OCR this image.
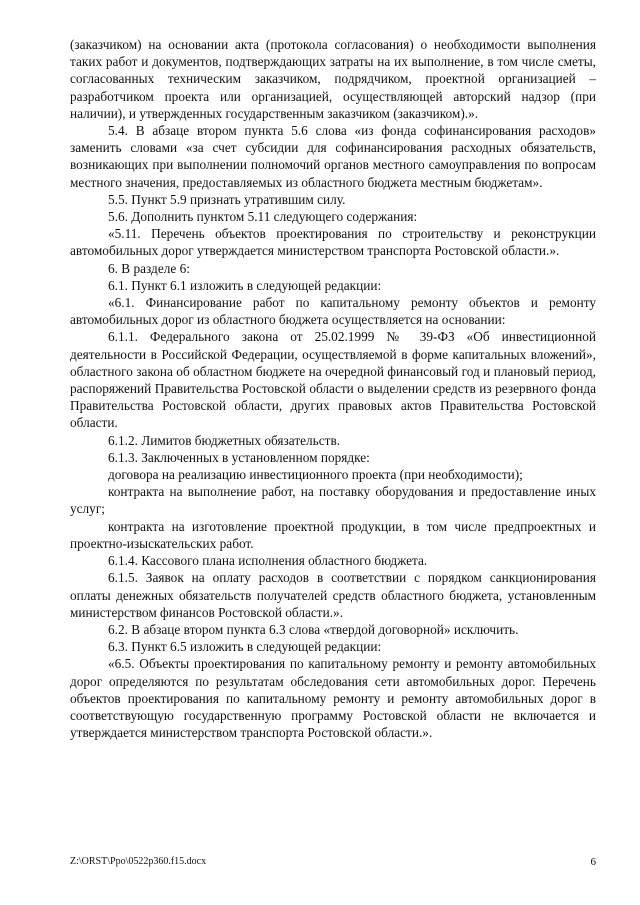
(заказчиком) на основании акта (протокола согласования) о необходимости выполнения таких работ и документов, подтверждающих затраты на их выполнение, в том числе сметы, согласованных техническим заказчиком, подрядчиком, проектной организацией – разработчиком проекта или организацией, осуществляющей авторский надзор (при наличии), и утвержденных государственным заказчиком (заказчиком).».

5.4. В абзаце втором пункта 5.6 слова «из фонда софинансирования расходов» заменить словами «за счет субсидии для софинансирования расходных обязательств, возникающих при выполнении полномочий органов местного самоуправления по вопросам местного значения, предоставляемых из областного бюджета местным бюджетам».

5.5. Пункт 5.9 признать утратившим силу.

5.6. Дополнить пунктом 5.11 следующего содержания:

«5.11. Перечень объектов проектирования по строительству и реконструкции автомобильных дорог утверждается министерством транспорта Ростовской области.».

6. В разделе 6:

6.1. Пункт 6.1 изложить в следующей редакции:

«6.1. Финансирование работ по капитальному ремонту объектов и ремонту автомобильных дорог из областного бюджета осуществляется на основании:

6.1.1. Федерального закона от 25.02.1999 № 39-ФЗ «Об инвестиционной деятельности в Российской Федерации, осуществляемой в форме капитальных вложений», областного закона об областном бюджете на очередной финансовый год и плановый период, распоряжений Правительства Ростовской области о выделении средств из резервного фонда Правительства Ростовской области, других правовых актов Правительства Ростовской области.

6.1.2. Лимитов бюджетных обязательств.

6.1.3. Заключенных в установленном порядке:

договора на реализацию инвестиционного проекта (при необходимости);

контракта на выполнение работ, на поставку оборудования и предоставление иных услуг;

контракта на изготовление проектной продукции, в том числе предпроектных и проектно-изыскательских работ.

6.1.4. Кассового плана исполнения областного бюджета.

6.1.5. Заявок на оплату расходов в соответствии с порядком санкционирования оплаты денежных обязательств получателей средств областного бюджета, установленным министерством финансов Ростовской области.».

6.2. В абзаце втором пункта 6.3 слова «твердой договорной» исключить.

6.3. Пункт 6.5 изложить в следующей редакции:

«6.5. Объекты проектирования по капитальному ремонту и ремонту автомобильных дорог определяются по результатам обследования сети автомобильных дорог. Перечень объектов проектирования по капитальному ремонту и ремонту автомобильных дорог в соответствующую государственную программу Ростовской области не включается и утверждается министерством транспорта Ростовской области.».

Z:\ORST\Ppo\0522p360.f15.docx	6
